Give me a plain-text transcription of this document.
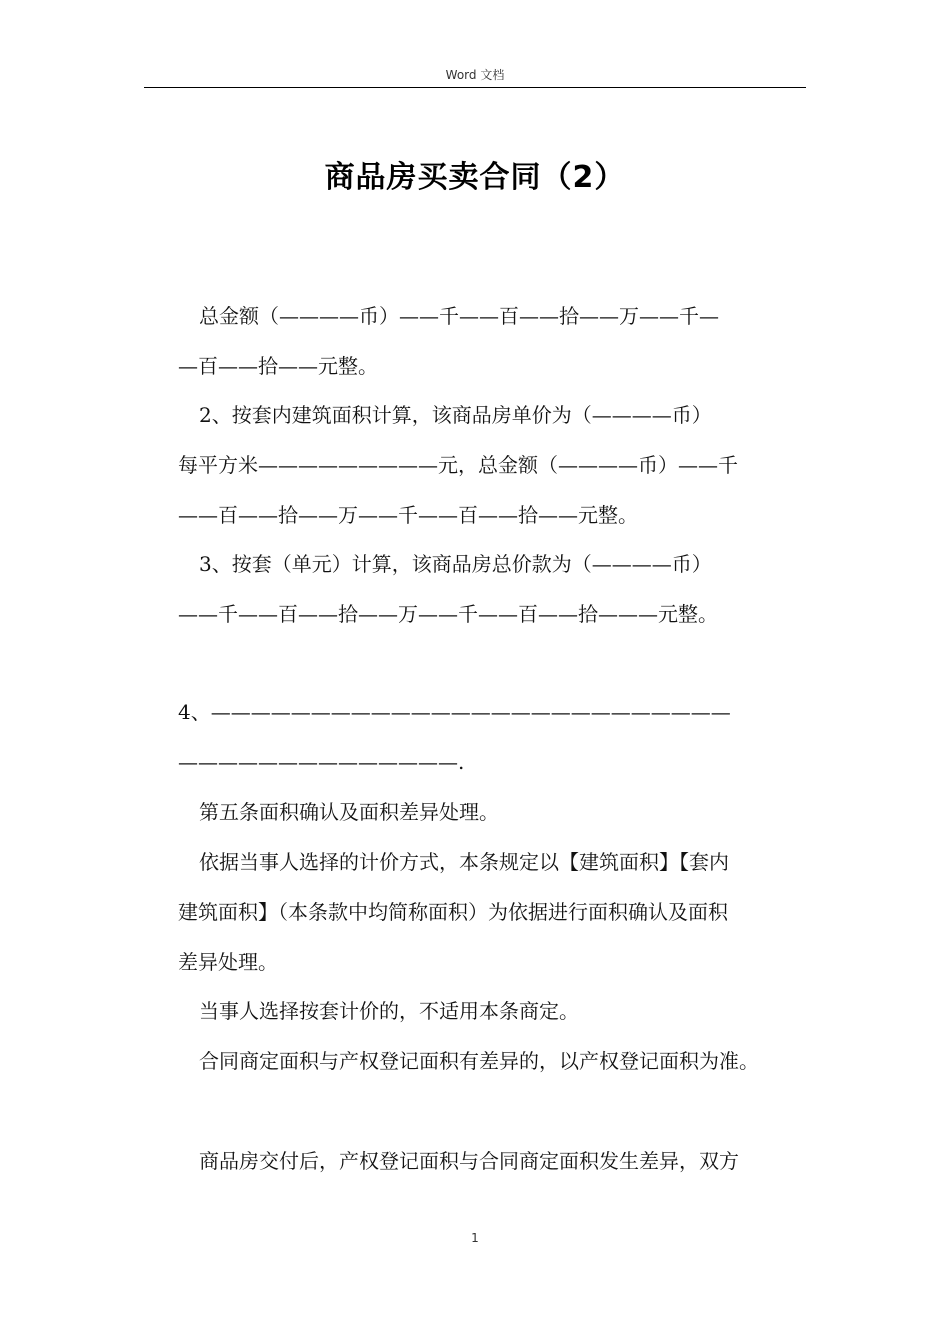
Word 文档
商品房买卖合同（2）
总金额（————币）——千——百——拾——万——千—
—百——拾——元整。
2、按套内建筑面积计算，该商品房单价为（————币）
每平方米—————————元，总金额（————币）——千
——百——拾——万——千——百——拾——元整。
3、按套（单元）计算，该商品房总价款为（————币）
——千——百——拾——万——千——百——拾———元整。
4、——————————————————————————
——————————————.
第五条面积确认及面积差异处理。
依据当事人选择的计价方式，本条规定以【建筑面积】【套内
建筑面积】（本条款中均简称面积）为依据进行面积确认及面积
差异处理。
当事人选择按套计价的，不适用本条商定。
合同商定面积与产权登记面积有差异的，以产权登记面积为准。
商品房交付后，产权登记面积与合同商定面积发生差异，双方
1
